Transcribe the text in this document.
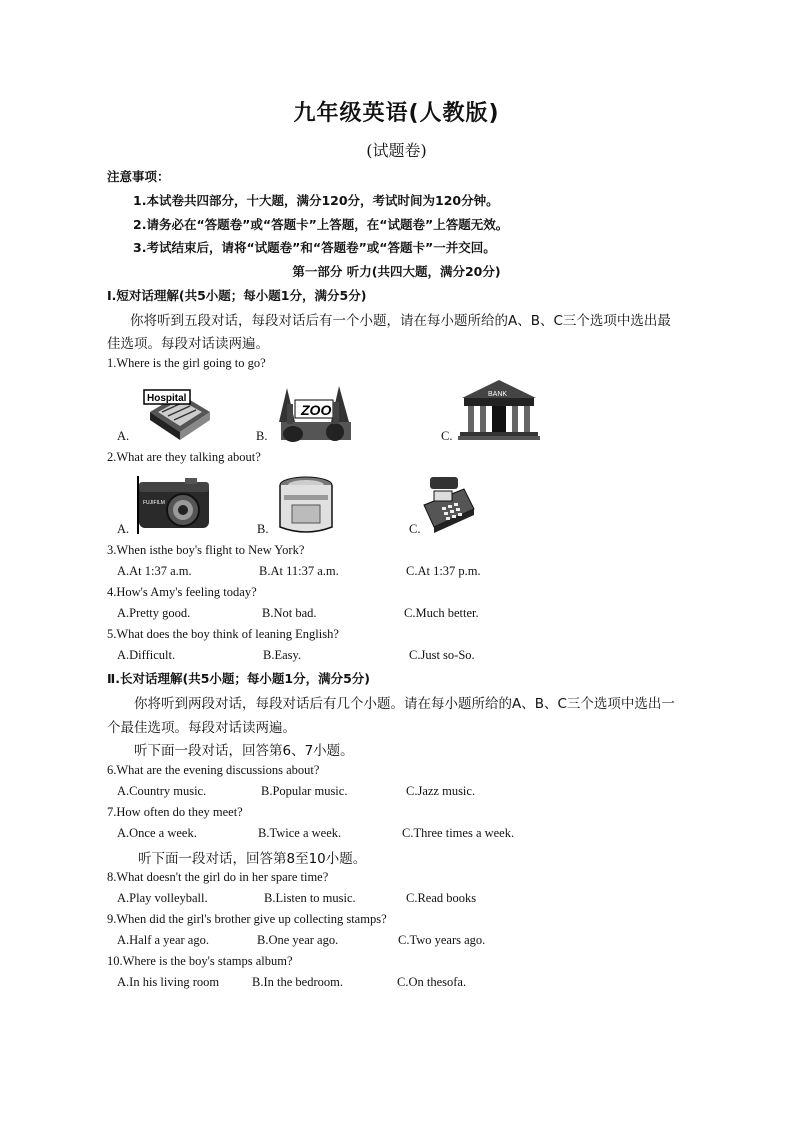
九年级英语(人教版)
(试题卷)
注意事项：
1.本试卷共四部分，十大题，满分120分，考试时间为120分钟。
2.请务必在“答题卷”或“答题卡”上答题，在“试题卷”上答题无效。
3.考试结束后，请将“试题卷”和“答题卷”或“答题卡”一并交回。
第一部分 听力(共四大题，满分20分)
I.短对话理解(共5小题；每小题1分，满分5分)
你将听到五段对话，每段对话后有一个小题，请在每小题所给的A、B、C三个选项中选出最
佳选项。每段对话读两遍。
1.Where is the girl going to go?
Hospital
A.
ZOO
B.
BANK
C.
2.What are they talking about?
FUJIFILM
A.	B.	C.
3.When isthe boy's flight to New York?
A.At 1:37 a.m.	B.At 11:37 a.m.	C.At 1:37 p.m.
4.How's Amy's feeling today?
A.Pretty good.	B.Not bad.	C.Much better.
5.What does the boy think of leaning English?
A.Difficult.	B.Easy.	C.Just so-So.
Ⅱ.长对话理解(共5小题；每小题1分，满分5分)
你将听到两段对话，每段对话后有几个小题。请在每小题所给的A、B、C三个选项中选出一
个最佳选项。每段对话读两遍。
听下面一段对话，回答第6、7小题。
6.What are the evening discussions about?
A.Country music.	B.Popular music.	C.Jazz music.
7.How often do they meet?
A.Once a week.	B.Twice a week.	C.Three times a week.
听下面一段对话，回答第8至10小题。
8.What doesn't the girl do in her spare time?
A.Play volleyball.	B.Listen to music.	C.Read books
9.When did the girl's brother give up collecting stamps?
A.Half a year ago.	B.One year ago.	C.Two years ago.
10.Where is the boy's stamps album?
A.In his living room	B.In the bedroom.	C.On thesofa.
